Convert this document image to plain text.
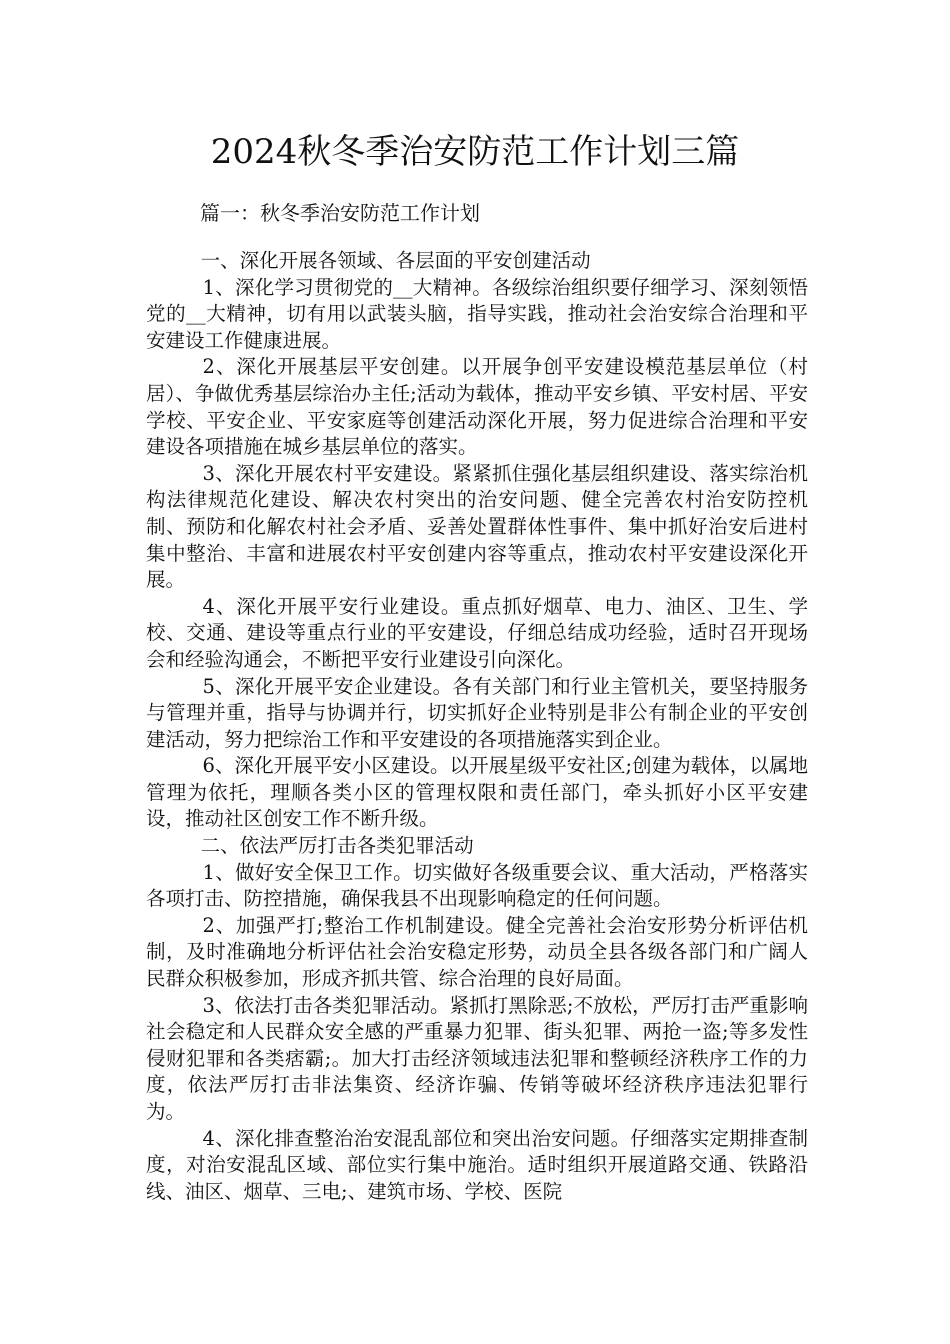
2024秋冬季治安防范工作计划三篇
篇一：秋冬季治安防范工作计划
一、深化开展各领域、各层面的平安创建活动

1、深化学习贯彻党的__大精神。各级综治组织要仔细学习、深刻领悟党的__大精神，切有用以武装头脑，指导实践，推动社会治安综合治理和平安建设工作健康进展。

2、深化开展基层平安创建。以开展争创平安建设模范基层单位（村居）、争做优秀基层综治办主任;活动为载体，推动平安乡镇、平安村居、平安学校、平安企业、平安家庭等创建活动深化开展，努力促进综合治理和平安建设各项措施在城乡基层单位的落实。

3、深化开展农村平安建设。紧紧抓住强化基层组织建设、落实综治机构法律规范化建设、解决农村突出的治安问题、健全完善农村治安防控机制、预防和化解农村社会矛盾、妥善处置群体性事件、集中抓好治安后进村集中整治、丰富和进展农村平安创建内容等重点，推动农村平安建设深化开展。

4、深化开展平安行业建设。重点抓好烟草、电力、油区、卫生、学校、交通、建设等重点行业的平安建设，仔细总结成功经验，适时召开现场会和经验沟通会，不断把平安行业建设引向深化。

5、深化开展平安企业建设。各有关部门和行业主管机关，要坚持服务与管理并重，指导与协调并行，切实抓好企业特别是非公有制企业的平安创建活动，努力把综治工作和平安建设的各项措施落实到企业。

6、深化开展平安小区建设。以开展星级平安社区;创建为载体，以属地管理为依托，理顺各类小区的管理权限和责任部门，牵头抓好小区平安建设，推动社区创安工作不断升级。

二、依法严厉打击各类犯罪活动

1、做好安全保卫工作。切实做好各级重要会议、重大活动，严格落实各项打击、防控措施，确保我县不出现影响稳定的任何问题。

2、加强严打;整治工作机制建设。健全完善社会治安形势分析评估机制，及时准确地分析评估社会治安稳定形势，动员全县各级各部门和广阔人民群众积极参加，形成齐抓共管、综合治理的良好局面。

3、依法打击各类犯罪活动。紧抓打黑除恶;不放松，严厉打击严重影响社会稳定和人民群众安全感的严重暴力犯罪、街头犯罪、两抢一盗;等多发性侵财犯罪和各类痞霸;。加大打击经济领域违法犯罪和整顿经济秩序工作的力度，依法严厉打击非法集资、经济诈骗、传销等破坏经济秩序违法犯罪行为。

4、深化排查整治治安混乱部位和突出治安问题。仔细落实定期排查制度，对治安混乱区域、部位实行集中施治。适时组织开展道路交通、铁路沿线、油区、烟草、三电;、建筑市场、学校、医院
